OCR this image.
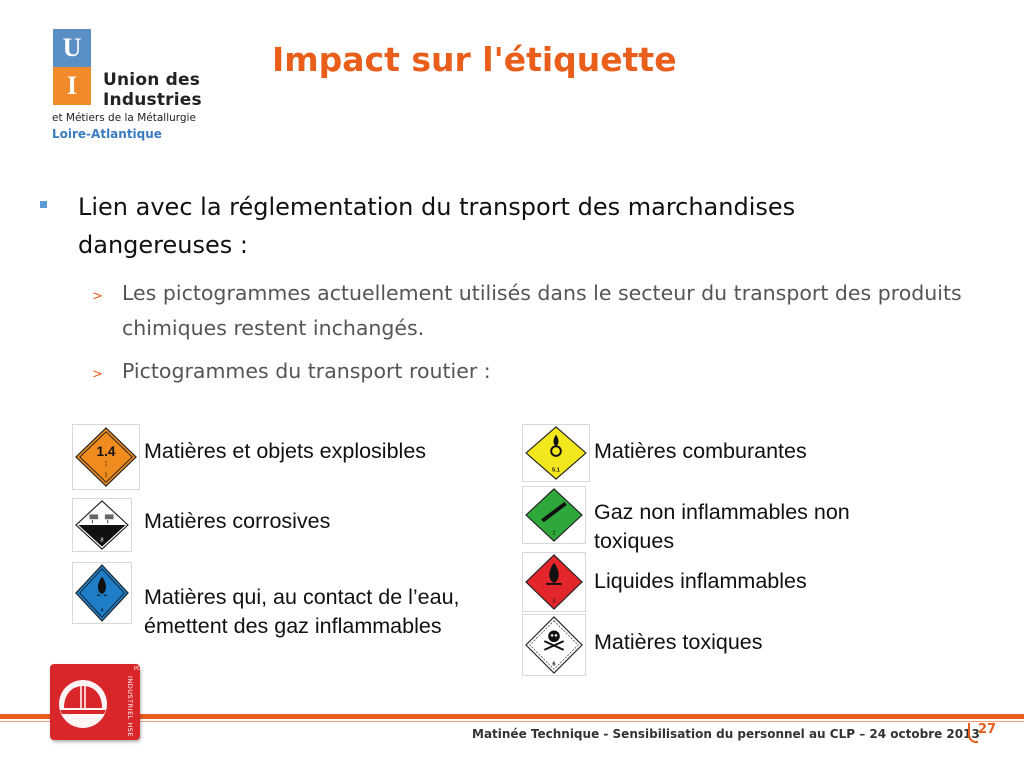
U
I	Union des
Industries
et Métiers de la Métallurgie
Loire-Atlantique
Impact sur l'étiquette
Lien avec la réglementation du transport des marchandises dangereuses :
> Les pictogrammes actuellement utilisés dans le secteur du transport des produits chimiques restent inchangés.
> Pictogrammes du transport routier :
1.4
:
1
Matières et objets explosibles
8
Matières corrosives
4
Matières qui, au contact de l’eau, émettent des gaz inflammables
5.1
Matières comburantes
2
Gaz non inflammables non toxiques
3
Liquides inflammables
6
Matières toxiques
PÔLE
INDUSTRIEL HSE	Matinée Technique - Sensibilisation du personnel au CLP – 24 octobre 2013
27
